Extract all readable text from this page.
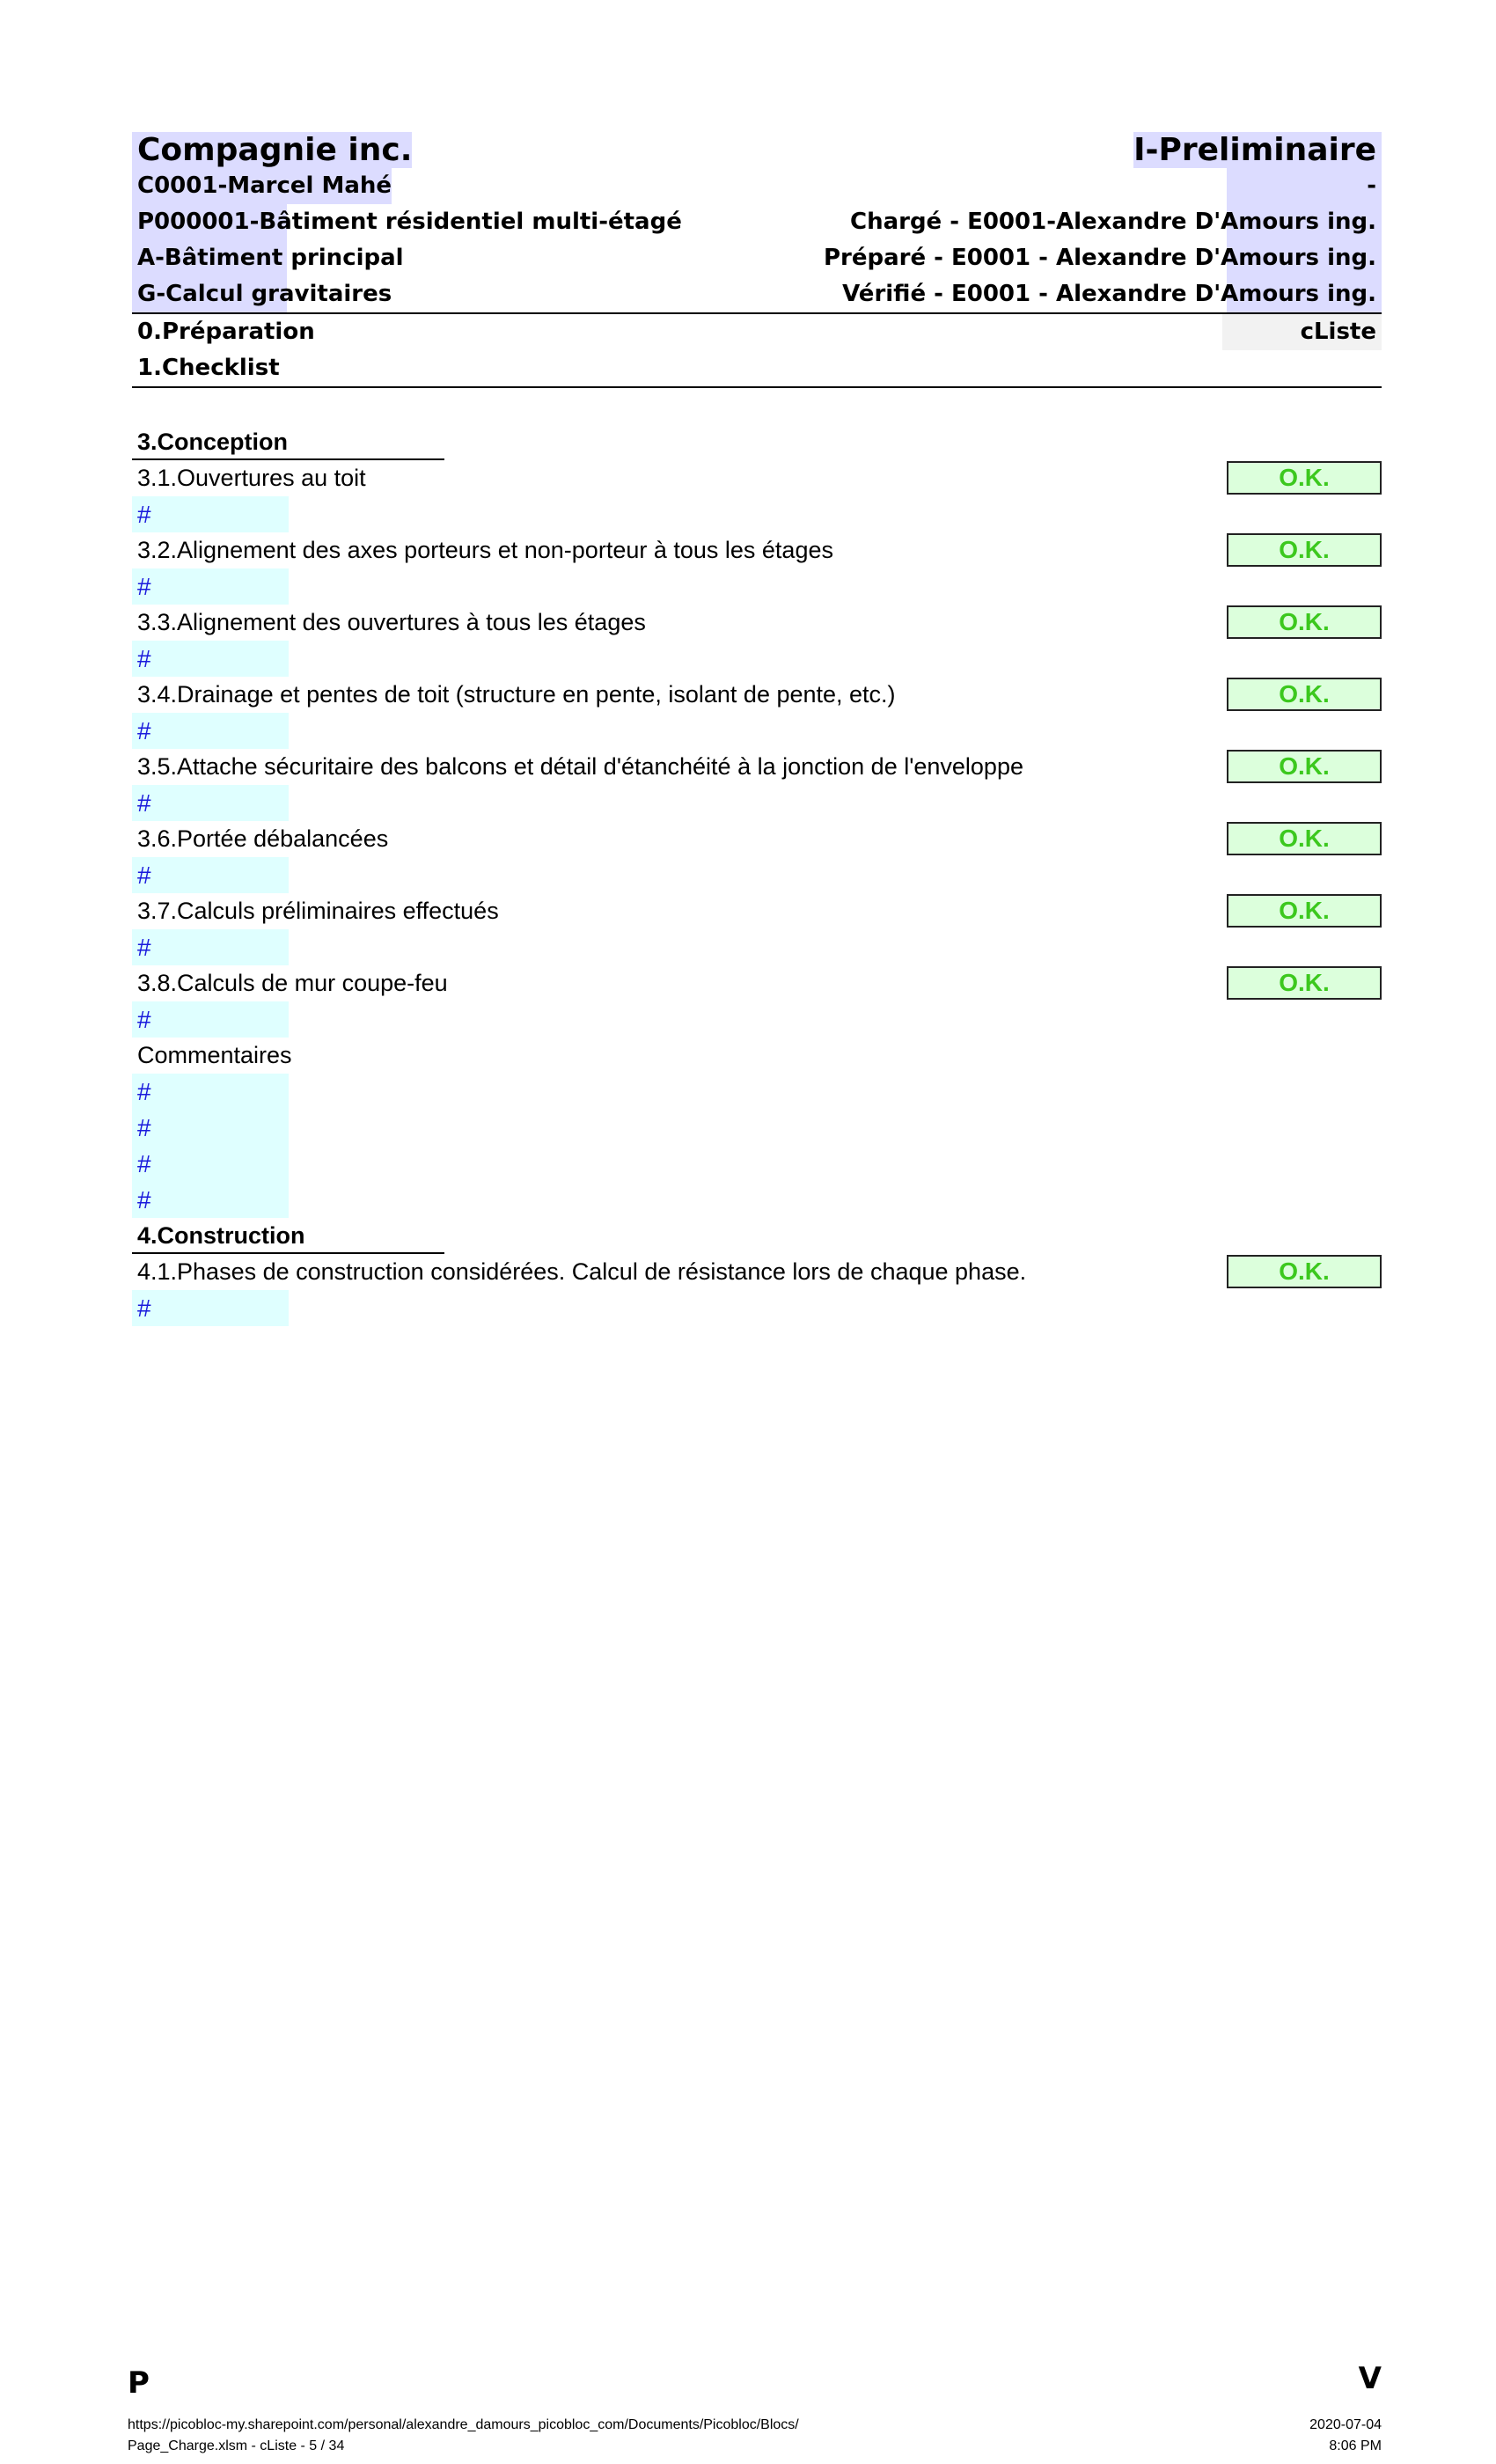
Compagnie inc.	I-Preliminaire
C0001-Marcel Mahé	-
P000001-Bâtiment résidentiel multi-étagé	Chargé - E0001-Alexandre D'Amours ing.
A-Bâtiment principal	Préparé - E0001 - Alexandre D'Amours ing.
G-Calcul gravitaires	Vérifié - E0001 - Alexandre D'Amours ing.
0.Préparation	cListe
1.Checklist
3.Conception
3.1.Ouvertures au toit	O.K.
#
3.2.Alignement des axes porteurs et non-porteur à tous les étages	O.K.
#
3.3.Alignement des ouvertures à tous les étages	O.K.
#
3.4.Drainage et pentes de toit (structure en pente, isolant de pente, etc.)	O.K.
#
3.5.Attache sécuritaire des balcons et détail d'étanchéité à la jonction de l'enveloppe	O.K.
#
3.6.Portée débalancées	O.K.
#
3.7.Calculs préliminaires effectués	O.K.
#
3.8.Calculs de mur coupe-feu	O.K.
#
Commentaires
#
#
#
#
4.Construction
4.1.Phases de construction considérées. Calcul de résistance lors de chaque phase.	O.K.
#
P	V
https://picobloc-my.sharepoint.com/personal/alexandre_damours_picobloc_com/Documents/Picobloc/Blocs/
Page_Charge.xlsm - cListe - 5 / 34
2020-07-04
8:06 PM
